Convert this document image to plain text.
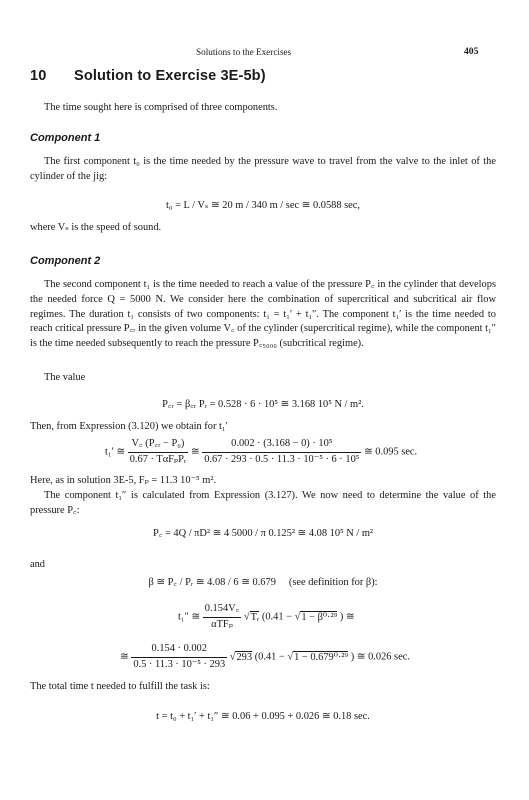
Solutions to the Exercises	405
10 Solution to Exercise 3E-5b)
The time sought here is comprised of three components.
Component 1
The first component t₀ is the time needed by the pressure wave to travel from the valve to the inlet of the cylinder of the jig:
t₀ = L / Vₛ ≅ 20 m / 340 m / sec ≅ 0.0588 sec,
where Vₛ is the speed of sound.
Component 2
The second component t₁ is the time needed to reach a value of the pressure P꜀ in the cylinder that develops the needed force Q = 5000 N. We consider here the combination of supercritical and subcritical air flow regimes. The duration t₁ consists of two components: t₁ = t₁′ + t₁″. The component t₁′ is the time needed to reach critical pressure P꜀ᵣ in the given volume V꜀ of the cylinder (supercritical regime), while the component t₁″ is the time needed subsequently to reach the pressure P꜀₅₀₀₀ (subcritical regime).
The value
P꜀ᵣ = β꜀ᵣ Pᵣ = 0.528 · 6 · 10⁵ ≅ 3.168 10⁵ N / m².
Then, from Expression (3.120) we obtain for t₁′
t₁′ ≅ $\frac{\text{V꜀ (P꜀ᵣ − P₀)}}{\text{0.67 · TαFₚPᵣ}}$ ≅ $\frac{\text{0.002 · (3.168 − 0) · 10⁵}}{\text{0.67 · 293 · 0.5 · 11.3 · 10⁻⁵ · 6 · 10⁵}}$ ≅ 0.095 sec.
Here, as in solution 3E-5, Fₚ = 11.3 10⁻⁵ m².
The component t₁″ is calculated from Expression (3.127). We now need to determine the value of the pressure P꜀:
P꜀ = 4Q / πD² ≅ 4 5000 / π 0.125² ≅ 4.08 10⁵ N / m²
and
β ≅ P꜀ / Pᵣ ≅ 4.08 / 6 ≅ 0.679     (see definition for β):
t₁″ ≅ $\frac{0.154V꜀}{\text{αTFₚ}}$ √Tᵣ (0.41 − √1 − β⁰·²⁹ ) ≅
≅ $\frac{0.154 \cdot 0.002}{\text{0.5 · 11.3 · 10⁻⁵ · 293}} √293$ (0.41 − √1 − 0.679⁰·²⁹ ) ≅ 0.026 sec.
The total time t needed to fulfill the task is:
t = t₀ + t₁′ + t₁″ ≅ 0.06 + 0.095 + 0.026 ≅ 0.18 sec.
